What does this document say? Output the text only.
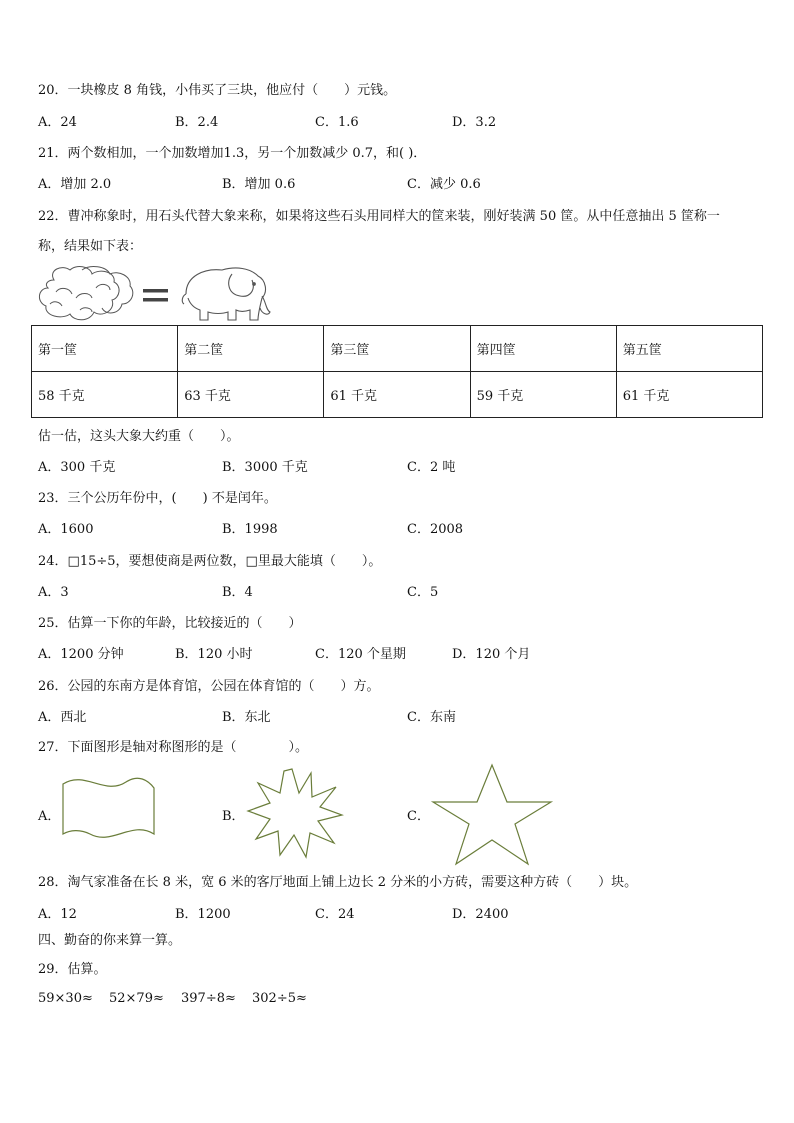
20．一块橡皮 8 角钱，小伟买了三块，他应付（　　）元钱。
A．24	B．2.4	C．1.6	D．3.2
21．两个数相加，一个加数增加1.3，另一个加数减少 0.7，和( )．
A．增加 2.0	B．增加 0.6	C．减少 0.6
22．曹冲称象时，用石头代替大象来称，如果将这些石头用同样大的筐来装，刚好装满 50 筐。从中任意抽出 5 筐称一
称，结果如下表：
第一筐	第二筐	第三筐	第四筐	第五筐
58 千克	63 千克	61 千克	59 千克	61 千克
估一估，这头大象大约重（　　）。
A．300 千克	B．3000 千克	C．2 吨
23．三个公历年份中，(　　) 不是闰年。
A．1600	B．1998	C．2008
24．□15÷5，要想使商是两位数，□里最大能填（　　）。
A．3	B．4	C．5
25．估算一下你的年龄，比较接近的（　　）
A．1200 分钟	B．120 小时	C．120 个星期	D．120 个月
26．公园的东南方是体育馆，公园在体育馆的（　　）方。
A．西北	B．东北	C．东南
27．下面图形是轴对称图形的是（　　　　）。
A．	B．	C．
28．淘气家准备在长 8 米，宽 6 米的客厅地面上铺上边长 2 分米的小方砖，需要这种方砖（　　）块。
A．12	B．1200	C．24	D．2400
四、勤奋的你来算一算。
29．估算。
59×30≈ 52×79≈ 397÷8≈ 302÷5≈
